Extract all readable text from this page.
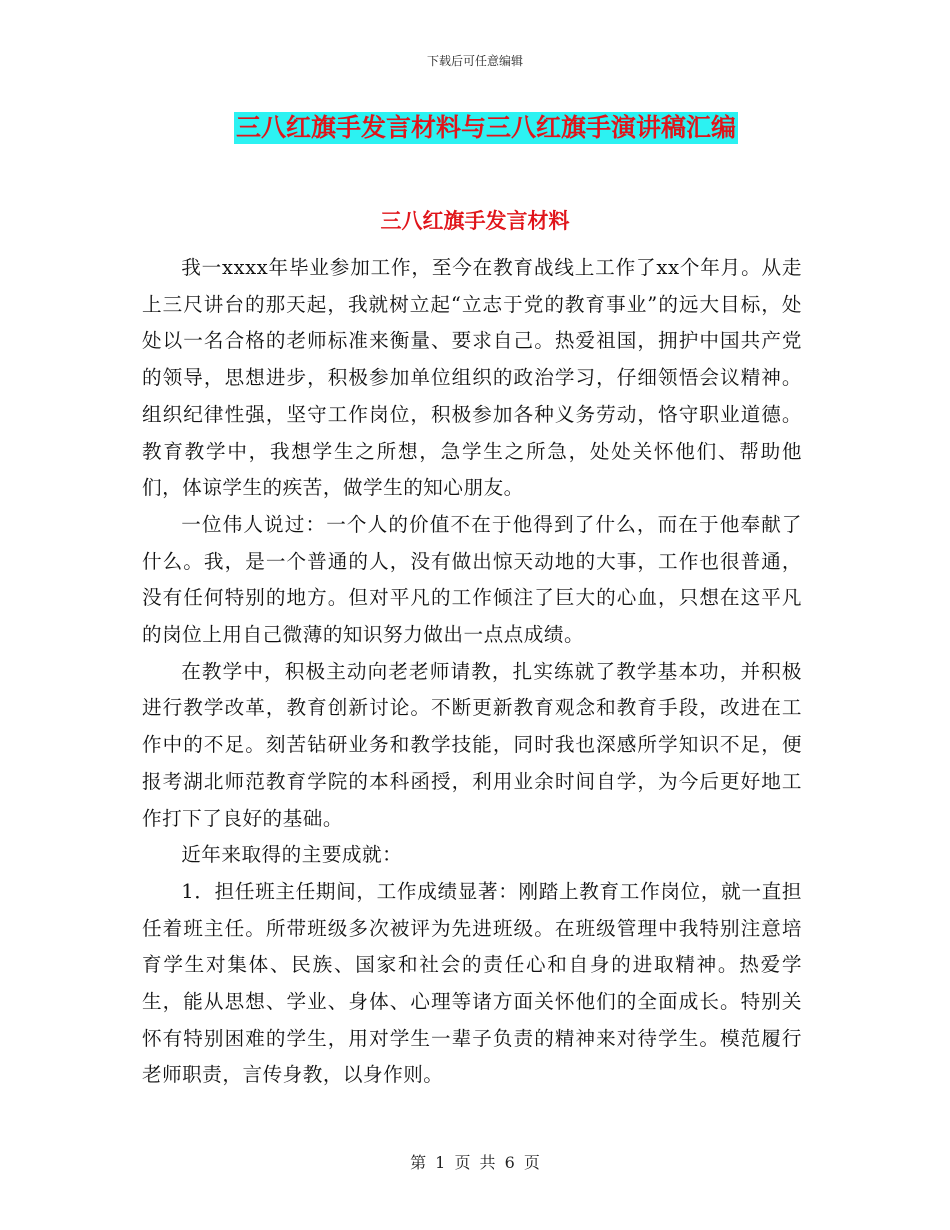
下载后可任意编辑
三八红旗手发言材料与三八红旗手演讲稿汇编
三八红旗手发言材料

我一xxxx年毕业参加工作，至今在教育战线上工作了xx个年月。从走上三尺讲台的那天起，我就树立起“立志于党的教育事业”的远大目标，处处以一名合格的老师标准来衡量、要求自己。热爱祖国，拥护中国共产党的领导，思想进步，积极参加单位组织的政治学习，仔细领悟会议精神。组织纪律性强，坚守工作岗位，积极参加各种义务劳动，恪守职业道德。教育教学中，我想学生之所想，急学生之所急，处处关怀他们、帮助他们，体谅学生的疾苦，做学生的知心朋友。

一位伟人说过：一个人的价值不在于他得到了什么，而在于他奉献了什么。我，是一个普通的人，没有做出惊天动地的大事，工作也很普通，没有任何特别的地方。但对平凡的工作倾注了巨大的心血，只想在这平凡的岗位上用自己微薄的知识努力做出一点点成绩。

在教学中，积极主动向老老师请教，扎实练就了教学基本功，并积极进行教学改革，教育创新讨论。不断更新教育观念和教育手段，改进在工作中的不足。刻苦钻研业务和教学技能，同时我也深感所学知识不足，便报考湖北师范教育学院的本科函授，利用业余时间自学，为今后更好地工作打下了良好的基础。

近年来取得的主要成就：

1．担任班主任期间，工作成绩显著：刚踏上教育工作岗位，就一直担任着班主任。所带班级多次被评为先进班级。在班级管理中我特别注意培育学生对集体、民族、国家和社会的责任心和自身的进取精神。热爱学生，能从思想、学业、身体、心理等诸方面关怀他们的全面成长。特别关怀有特别困难的学生，用对学生一辈子负责的精神来对待学生。模范履行老师职责，言传身教，以身作则。

第 1 页 共 6 页
